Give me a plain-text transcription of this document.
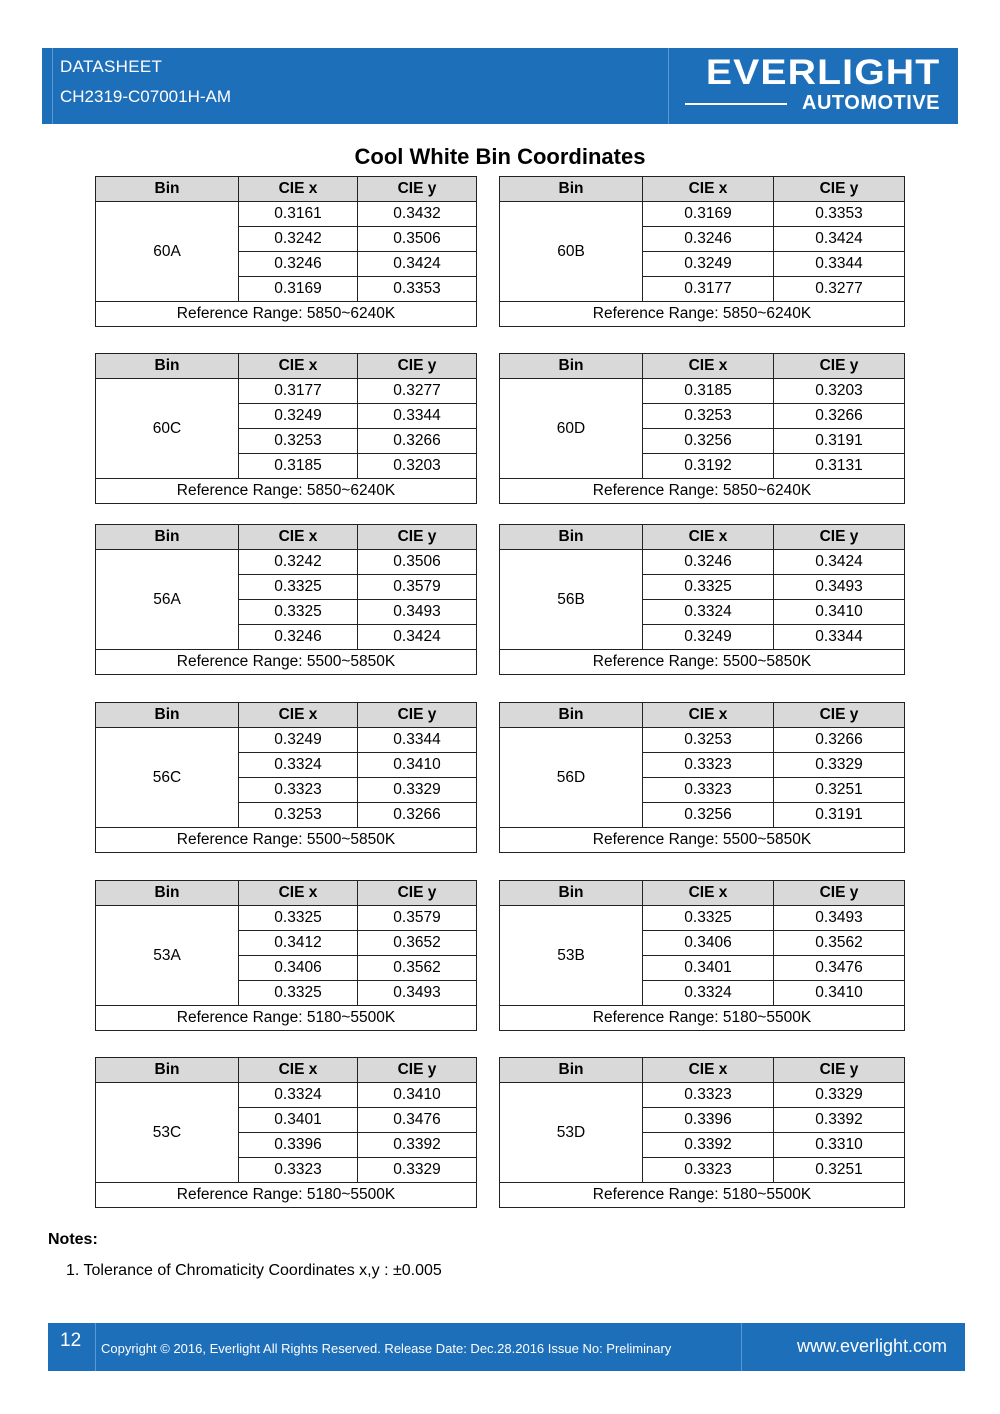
DATASHEET
CH2319-C07001H-AM
EVERLIGHT
AUTOMOTIVE
Cool White Bin Coordinates
Bin	CIE x	CIE y
60A	0.3161	0.3432
	0.3242	0.3506
	0.3246	0.3424
	0.3169	0.3353
Reference Range: 5850~6240K		
Bin	CIE x	CIE y
60B	0.3169	0.3353
	0.3246	0.3424
	0.3249	0.3344
	0.3177	0.3277
Reference Range: 5850~6240K		
Bin	CIE x	CIE y
60C	0.3177	0.3277
	0.3249	0.3344
	0.3253	0.3266
	0.3185	0.3203
Reference Range: 5850~6240K		
Bin	CIE x	CIE y
60D	0.3185	0.3203
	0.3253	0.3266
	0.3256	0.3191
	0.3192	0.3131
Reference Range: 5850~6240K		
Bin	CIE x	CIE y
56A	0.3242	0.3506
	0.3325	0.3579
	0.3325	0.3493
	0.3246	0.3424
Reference Range: 5500~5850K		
Bin	CIE x	CIE y
56B	0.3246	0.3424
	0.3325	0.3493
	0.3324	0.3410
	0.3249	0.3344
Reference Range: 5500~5850K		
Bin	CIE x	CIE y
56C	0.3249	0.3344
	0.3324	0.3410
	0.3323	0.3329
	0.3253	0.3266
Reference Range: 5500~5850K		
Bin	CIE x	CIE y
56D	0.3253	0.3266
	0.3323	0.3329
	0.3323	0.3251
	0.3256	0.3191
Reference Range: 5500~5850K		
Bin	CIE x	CIE y
53A	0.3325	0.3579
	0.3412	0.3652
	0.3406	0.3562
	0.3325	0.3493
Reference Range: 5180~5500K		
Bin	CIE x	CIE y
53B	0.3325	0.3493
	0.3406	0.3562
	0.3401	0.3476
	0.3324	0.3410
Reference Range: 5180~5500K		
Bin	CIE x	CIE y
53C	0.3324	0.3410
	0.3401	0.3476
	0.3396	0.3392
	0.3323	0.3329
Reference Range: 5180~5500K		
Bin	CIE x	CIE y
53D	0.3323	0.3329
	0.3396	0.3392
	0.3392	0.3310
	0.3323	0.3251
Reference Range: 5180~5500K		
Notes:
1. Tolerance of Chromaticity Coordinates x,y : ±0.005
12 Copyright © 2016, Everlight All Rights Reserved. Release Date: Dec.28.2016 Issue No: Preliminary	www.everlight.com
